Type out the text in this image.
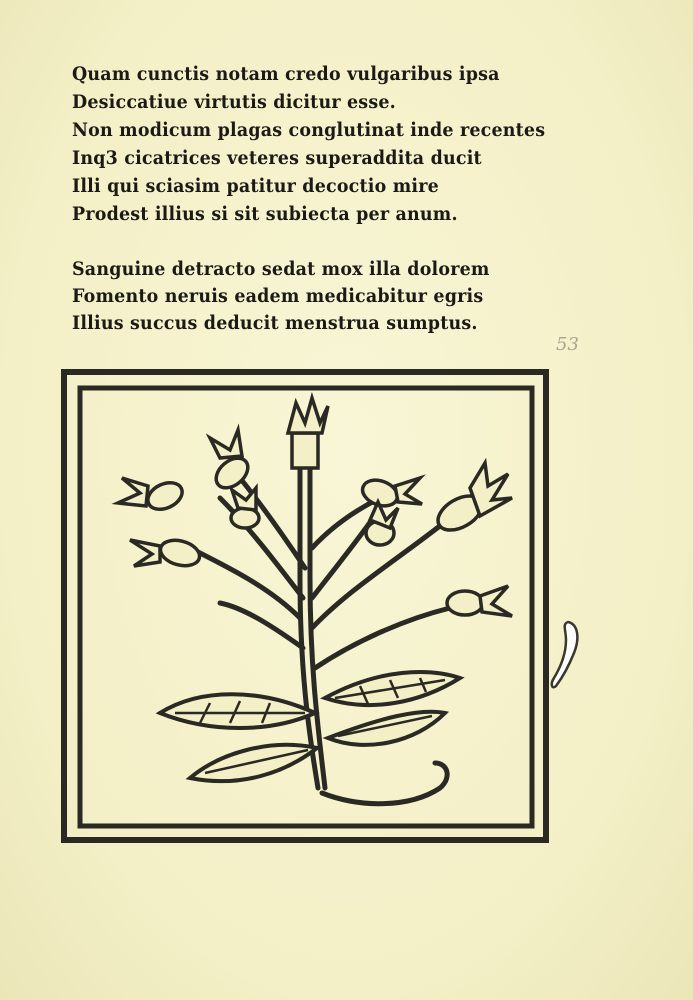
Quam cunctis notam credo vulgaribus ipsa
Desiccatiue virtutis dicitur esse.
Non modicum plagas conglutinat inde recentes
Inq3 cicatrices veteres superaddita ducit
Illi qui sciasim patitur decoctio mire
Prodest illius si sit subiecta per anum.
Sanguine detracto sedat mox illa dolorem
Fomento neruis eadem medicabitur egris
Illius succus deducit menstrua sumptus.
53
